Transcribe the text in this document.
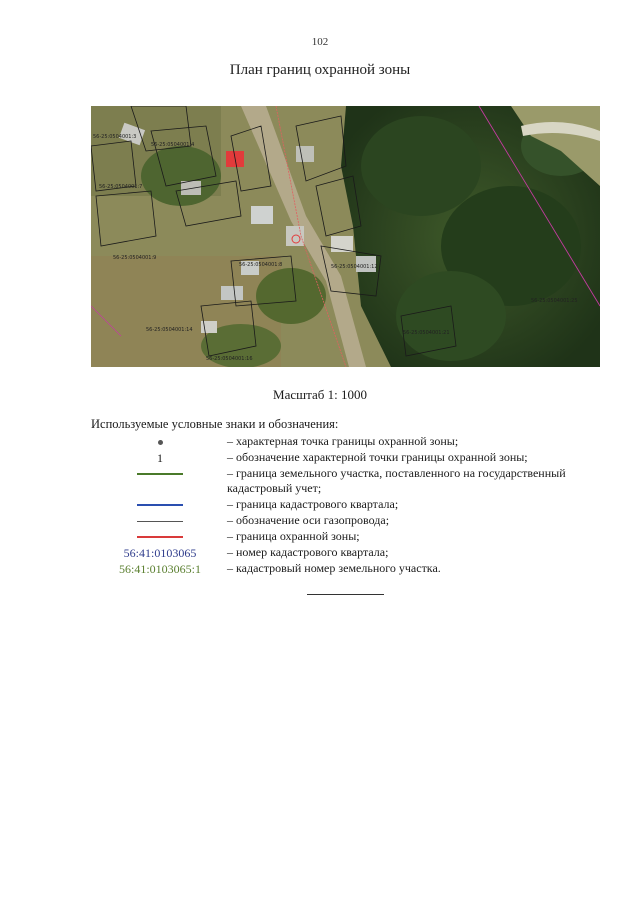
102
План границ охранной зоны
56-25:0504001:3
56-25:0504001:4
56-25:0504001:7
56-25:0504001:9
56-25:0504001:8	56-25:0504001:12
56-25:0504001:14
56-25:0504001:16
56-25:0504001:21
56-25:0504001:25
Масштаб 1: 1000
Используемые условные знаки и обозначения:
– характерная точка границы охранной зоны;
1	– обозначение характерной точки границы охранной зоны;
– граница земельного участка, поставленного на государственный кадастровый учет;
– граница кадастрового квартала;
– обозначение оси газопровода;
– граница охранной зоны;
56:41:0103065	– номер кадастрового квартала;
56:41:0103065:1	– кадастровый номер земельного участка.
